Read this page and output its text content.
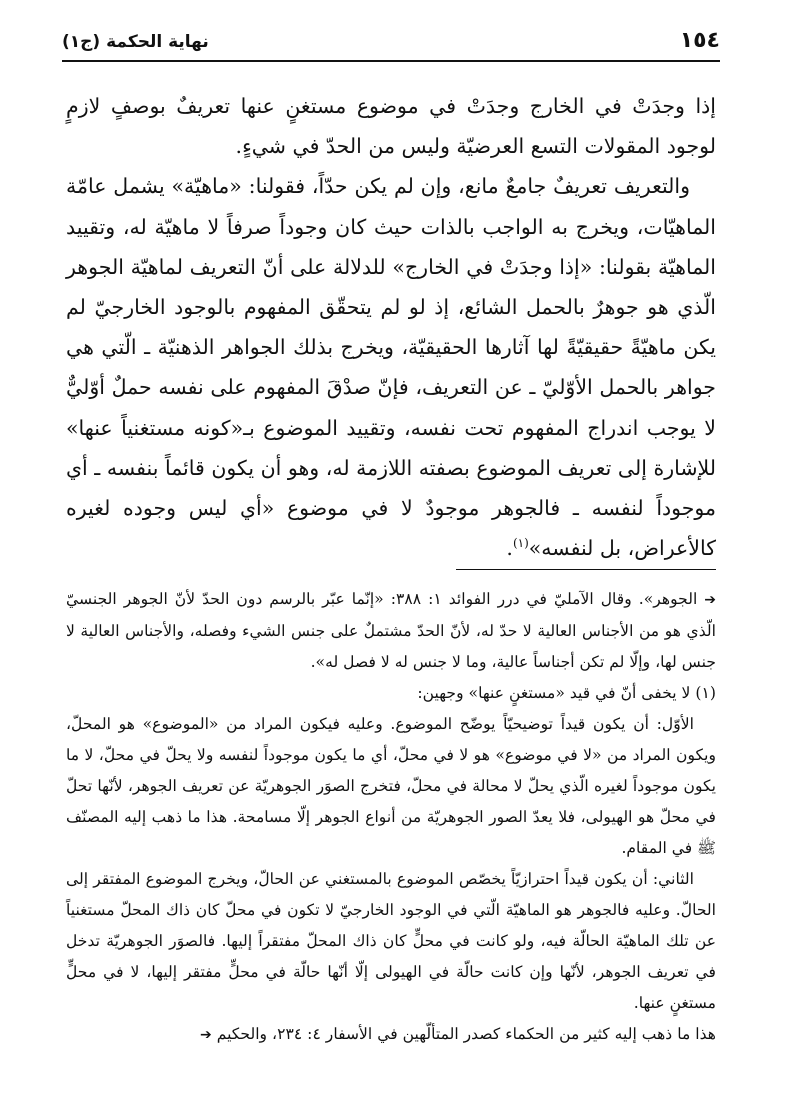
١٥٤
نهاية الحكمة (ج١)

إذا وجدَتْ في الخارج وجدَتْ في موضوع مستغنٍ عنها تعريفٌ بوصفٍ لازمٍ لوجود المقولات التسع العرضيّة وليس من الحدّ في شيءٍ.

والتعريف تعريفٌ جامعٌ مانع، وإن لم يكن حدّاً، فقولنا: «ماهيّة» يشمل عامّة الماهيّات، ويخرج به الواجب بالذات حيث كان وجوداً صرفاً لا ماهيّة له، وتقييد الماهيّة بقولنا: «إذا وجدَتْ في الخارج» للدلالة على أنّ التعريف لماهيّة الجوهر الّذي هو جوهرٌ بالحمل الشائع، إذ لو لم يتحقّق المفهوم بالوجود الخارجيّ لم يكن ماهيّةً حقيقيّةً لها آثارها الحقيقيّة، ويخرج بذلك الجواهر الذهنيّة ـ الّتي هي جواهر بالحمل الأوّليّ ـ عن التعريف، فإنّ صدْقَ المفهوم على نفسه حملٌ أوّليٌّ لا يوجب اندراج المفهوم تحت نفسه، وتقييد الموضوع بـ«كونه مستغنياً عنها» للإشارة إلى تعريف الموضوع بصفته اللازمة له، وهو أن يكون قائماً بنفسه ـ أي موجوداً لنفسه ـ فالجوهر موجودٌ لا في موضوع «أي ليس وجوده لغيره كالأعراض، بل لنفسه»$^{(١)}$.

➔ الجوهر». وقال الآمليّ في درر الفوائد ١: ٣٨٨: «إنّما عبّر بالرسم دون الحدّ لأنّ الجوهر الجنسيّ الّذي هو من الأجناس العالية لا حدّ له، لأنّ الحدّ مشتملٌ على جنس الشيء وفصله، والأجناس العالية لا جنس لها، وإلّا لم تكن أجناساً عالية، وما لا جنس له لا فصل له».

(١) لا يخفى أنّ في قيد «مستغنٍ عنها» وجهين:

الأوّل: أن يكون قيداً توضيحيّاً يوضّح الموضوع. وعليه فيكون المراد من «الموضوع» هو المحلّ، ويكون المراد من «لا في موضوع» هو لا في محلّ، أي ما يكون موجوداً لنفسه ولا يحلّ في محلّ، لا ما يكون موجوداً لغيره الّذي يحلّ لا محالة في محلّ، فتخرج الصوَر الجوهريّة عن تعريف الجوهر، لأنّها تحلّ في محلّ هو الهيولى، فلا يعدّ الصور الجوهريّة من أنواع الجوهر إلّا مسامحة. هذا ما ذهب إليه المصنّف ﷺ في المقام.

الثاني: أن يكون قيداً احترازيّاً يخصّص الموضوع بالمستغني عن الحالّ، ويخرج الموضوع المفتقر إلى الحالّ. وعليه فالجوهر هو الماهيّة الّتي في الوجود الخارجيّ لا تكون في محلّ كان ذاك المحلّ مستغنياً عن تلك الماهيّة الحالّة فيه، ولو كانت في محلٍّ كان ذاك المحلّ مفتقراً إليها. فالصوَر الجوهريّة تدخل في تعريف الجوهر، لأنّها وإن كانت حالّة في الهيولى إلّا أنّها حالّة في محلٍّ مفتقر إليها، لا في محلٍّ مستغنٍ عنها.

هذا ما ذهب إليه كثير من الحكماء كصدر المتألّهين في الأسفار ٤: ٢٣٤، والحكيم ➔
